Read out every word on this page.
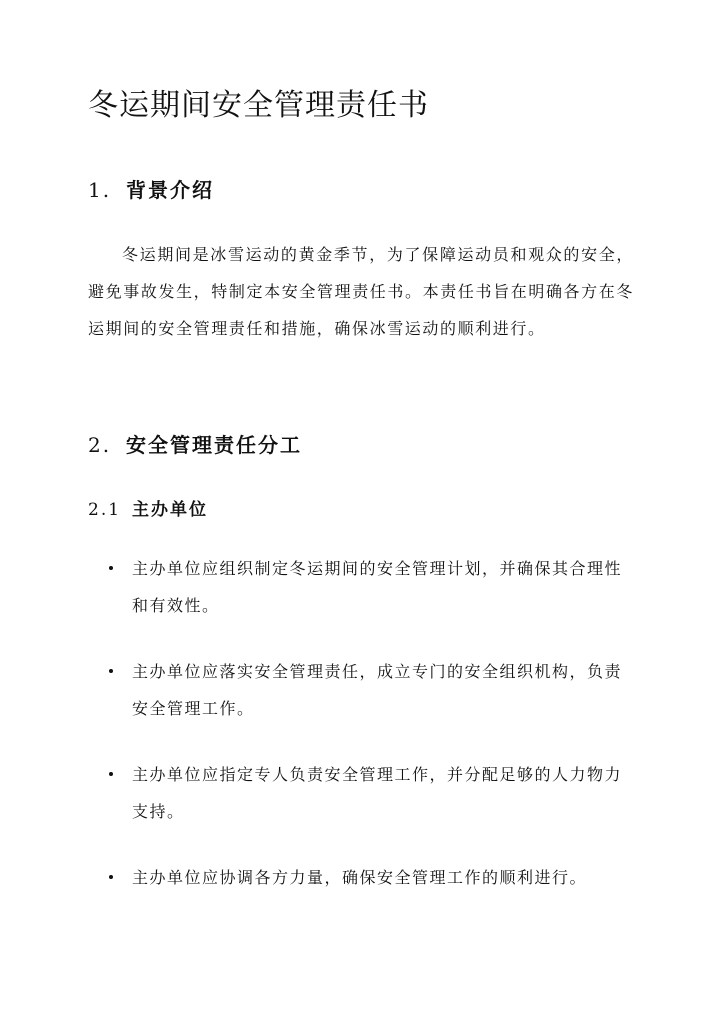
冬运期间安全管理责任书
1. 背景介绍

冬运期间是冰雪运动的黄金季节，为了保障运动员和观众的安全，避免事故发生，特制定本安全管理责任书。本责任书旨在明确各方在冬运期间的安全管理责任和措施，确保冰雪运动的顺利进行。

2. 安全管理责任分工
2.1 主办单位
主办单位应组织制定冬运期间的安全管理计划，并确保其合理性和有效性。
主办单位应落实安全管理责任，成立专门的安全组织机构，负责安全管理工作。
主办单位应指定专人负责安全管理工作，并分配足够的人力物力支持。
主办单位应协调各方力量，确保安全管理工作的顺利进行。
